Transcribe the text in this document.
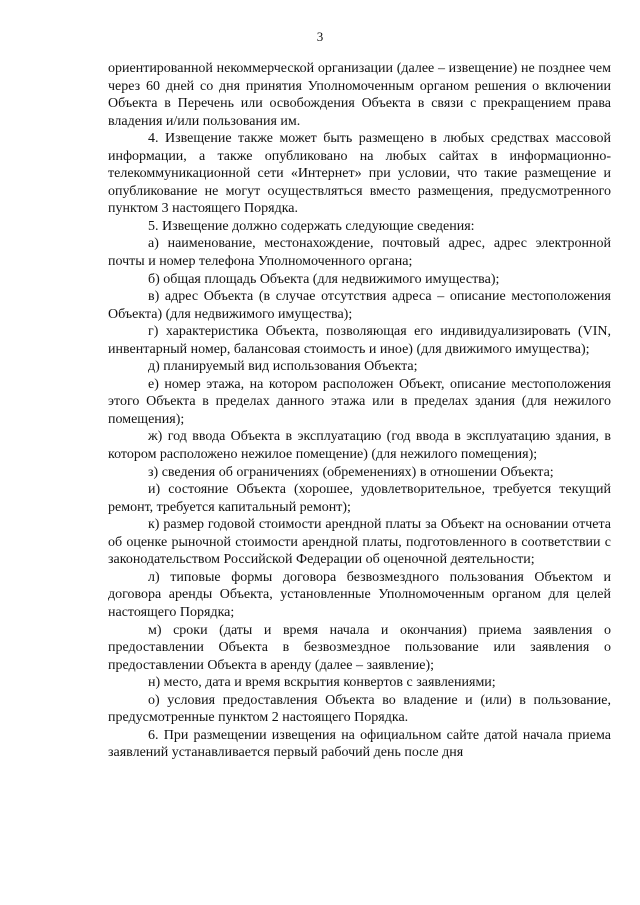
3

ориентированной некоммерческой организации (далее – извещение) не позднее чем через 60 дней со дня принятия Уполномоченным органом решения о включении Объекта в Перечень или освобождения Объекта в связи с прекращением права владения и/или пользования им.

4. Извещение также может быть размещено в любых средствах массовой информации, а также опубликовано на любых сайтах в информационно-телекоммуникационной сети «Интернет» при условии, что такие размещение и опубликование не могут осуществляться вместо размещения, предусмотренного пунктом 3 настоящего Порядка.

5. Извещение должно содержать следующие сведения:

а) наименование, местонахождение, почтовый адрес, адрес электронной почты и номер телефона Уполномоченного органа;

б) общая площадь Объекта (для недвижимого имущества);

в) адрес Объекта (в случае отсутствия адреса – описание местоположения Объекта) (для недвижимого имущества);

г) характеристика Объекта, позволяющая его индивидуализировать (VIN, инвентарный номер, балансовая стоимость и иное) (для движимого имущества);

д) планируемый вид использования Объекта;

е) номер этажа, на котором расположен Объект, описание местоположения этого Объекта в пределах данного этажа или в пределах здания (для нежилого помещения);

ж) год ввода Объекта в эксплуатацию (год ввода в эксплуатацию здания, в котором расположено нежилое помещение) (для нежилого помещения);

з) сведения об ограничениях (обременениях) в отношении Объекта;

и) состояние Объекта (хорошее, удовлетворительное, требуется текущий ремонт, требуется капитальный ремонт);

к) размер годовой стоимости арендной платы за Объект на основании отчета об оценке рыночной стоимости арендной платы, подготовленного в соответствии с законодательством Российской Федерации об оценочной деятельности;

л) типовые формы договора безвозмездного пользования Объектом и договора аренды Объекта, установленные Уполномоченным органом для целей настоящего Порядка;

м) сроки (даты и время начала и окончания) приема заявления о предоставлении Объекта в безвозмездное пользование или заявления о предоставлении Объекта в аренду (далее – заявление);

н) место, дата и время вскрытия конвертов с заявлениями;

о) условия предоставления Объекта во владение и (или) в пользование, предусмотренные пунктом 2 настоящего Порядка.

6. При размещении извещения на официальном сайте датой начала приема заявлений устанавливается первый рабочий день после дня
